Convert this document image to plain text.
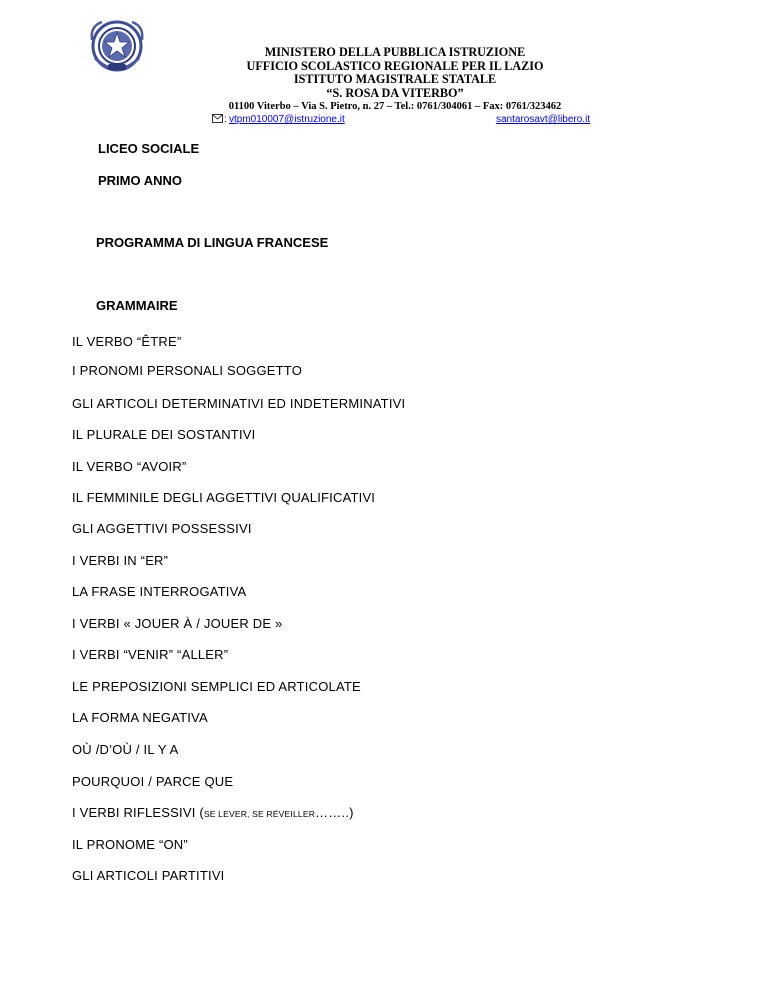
MINISTERO DELLA PUBBLICA ISTRUZIONE
UFFICIO SCOLASTICO REGIONALE PER IL LAZIO
ISTITUTO MAGISTRALE STATALE
“S. ROSA DA VITERBO”
01100 Viterbo – Via S. Pietro, n. 27 – Tel.: 0761/304061 – Fax: 0761/323462
: vtpm010007@istruzione.it	santarosavt@libero.it
LICEO SOCIALE
PRIMO ANNO
PROGRAMMA DI LINGUA FRANCESE
GRAMMAIRE
IL VERBO “ÊTRE”
I PRONOMI PERSONALI SOGGETTO
GLI ARTICOLI DETERMINATIVI ED INDETERMINATIVI
IL PLURALE DEI SOSTANTIVI
IL VERBO “AVOIR”
IL FEMMINILE DEGLI AGGETTIVI QUALIFICATIVI
GLI AGGETTIVI POSSESSIVI
I VERBI IN “ER”
LA FRASE INTERROGATIVA
I VERBI « JOUER À / JOUER DE »
I VERBI “VENIR” “ALLER”
LE PREPOSIZIONI SEMPLICI ED ARTICOLATE
LA FORMA NEGATIVA
OÙ /D’OÙ / IL Y A
POURQUOI / PARCE QUE
I VERBI RIFLESSIVI (SE LEVER, SE RÉVEILLER……..)
IL PRONOME “ON”
GLI ARTICOLI PARTITIVI
